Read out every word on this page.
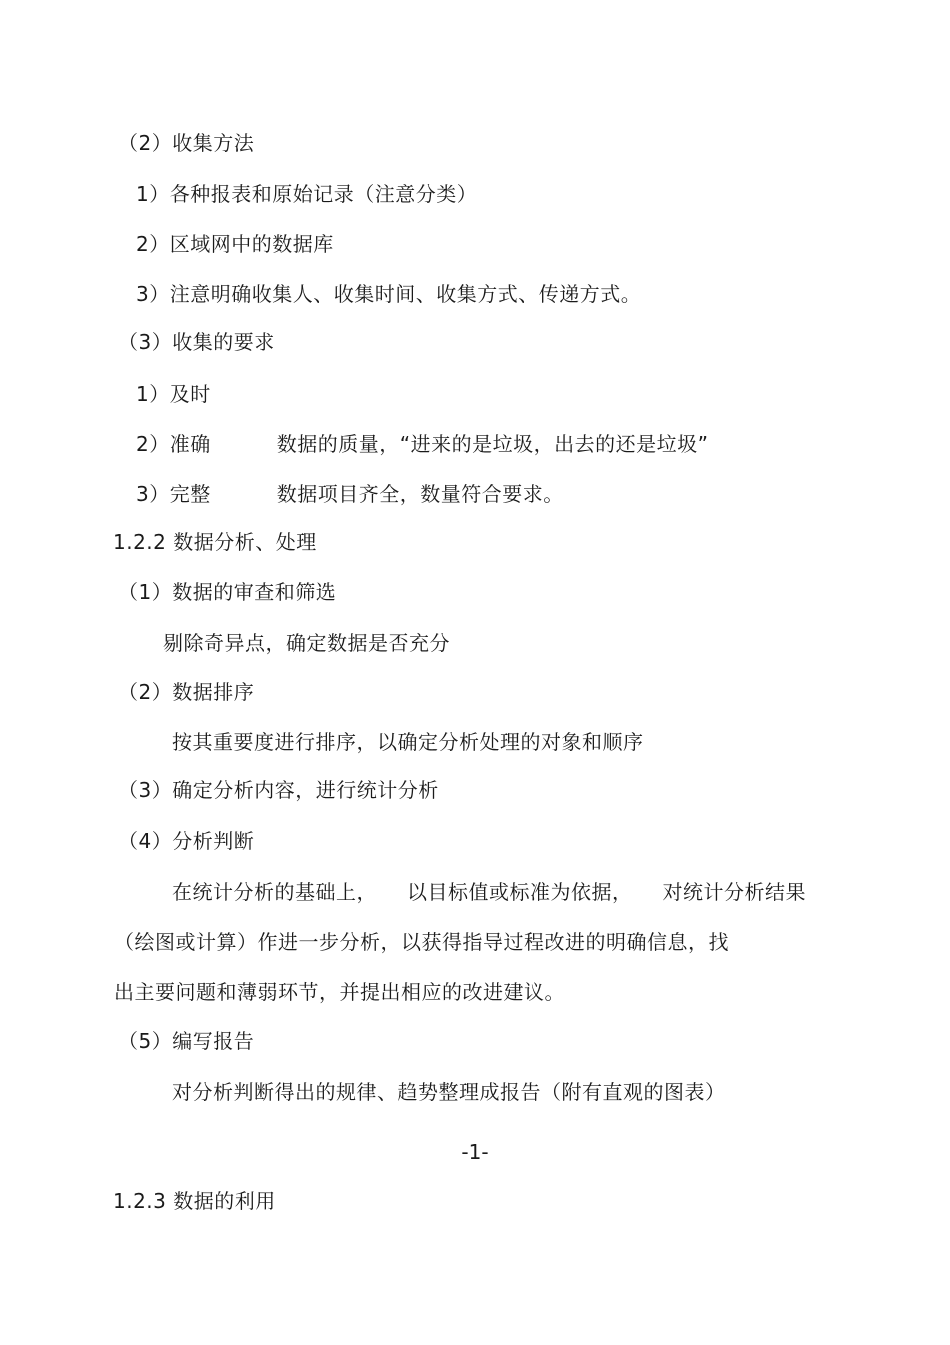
（2）收集方法
1）各种报表和原始记录（注意分类）
2）区域网中的数据库
3）注意明确收集人、收集时间、收集方式、传递方式。
（3）收集的要求
1）及时
2）准确	数据的质量，“进来的是垃圾，出去的还是垃圾”
3）完整	数据项目齐全，数量符合要求。
1.2.2 数据分析、处理
（1）数据的审查和筛选
剔除奇异点，确定数据是否充分
（2）数据排序
按其重要度进行排序，以确定分析处理的对象和顺序
（3）确定分析内容，进行统计分析
（4）分析判断
在统计分析的基础上， 以目标值或标准为依据， 对统计分析结果
（绘图或计算）作进一步分析，以获得指导过程改进的明确信息，找
出主要问题和薄弱环节，并提出相应的改进建议。
（5）编写报告
对分析判断得出的规律、趋势整理成报告（附有直观的图表）
-1-
1.2.3 数据的利用
